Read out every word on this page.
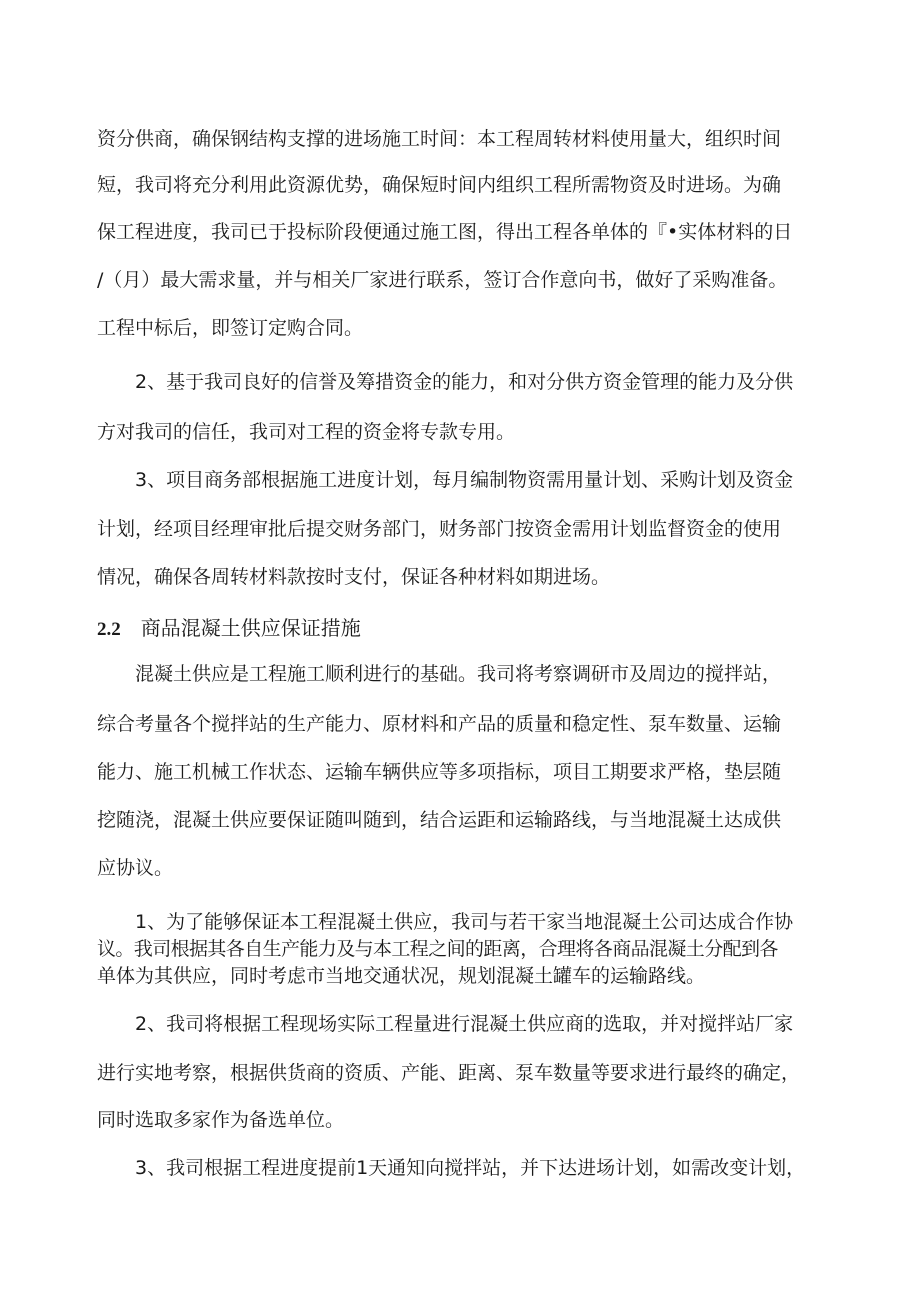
资分供商，确保钢结构支撑的进场施工时间：本工程周转材料使用量大，组织时间
短，我司将充分利用此资源优势，确保短时间内组织工程所需物资及时进场。为确
保工程进度，我司已于投标阶段便通过施工图，得出工程各单体的『•实体材料的日
/（月）最大需求量，并与相关厂家进行联系，签订合作意向书，做好了采购准备。
工程中标后，即签订定购合同。
2、基于我司良好的信誉及筹措资金的能力，和对分供方资金管理的能力及分供
方对我司的信任，我司对工程的资金将专款专用。
3、项目商务部根据施工进度计划，每月编制物资需用量计划、采购计划及资金
计划，经项目经理审批后提交财务部门，财务部门按资金需用计划监督资金的使用
情况，确保各周转材料款按时支付，保证各种材料如期进场。
2.2 商品混凝土供应保证措施
混凝土供应是工程施工顺利进行的基础。我司将考察调研市及周边的搅拌站，
综合考量各个搅拌站的生产能力、原材料和产品的质量和稳定性、泵车数量、运输
能力、施工机械工作状态、运输车辆供应等多项指标，项目工期要求严格，垫层随
挖随浇，混凝土供应要保证随叫随到，结合运距和运输路线，与当地混凝土达成供
应协议。
1、为了能够保证本工程混凝土供应，我司与若干家当地混凝土公司达成合作协
议。我司根据其各自生产能力及与本工程之间的距离，合理将各商品混凝土分配到各
单体为其供应，同时考虑市当地交通状况，规划混凝土罐车的运输路线。
2、我司将根据工程现场实际工程量进行混凝土供应商的选取，并对搅拌站厂家
进行实地考察，根据供货商的资质、产能、距离、泵车数量等要求进行最终的确定，
同时选取多家作为备选单位。
3、我司根据工程进度提前1天通知向搅拌站，并下达进场计划，如需改变计划，
